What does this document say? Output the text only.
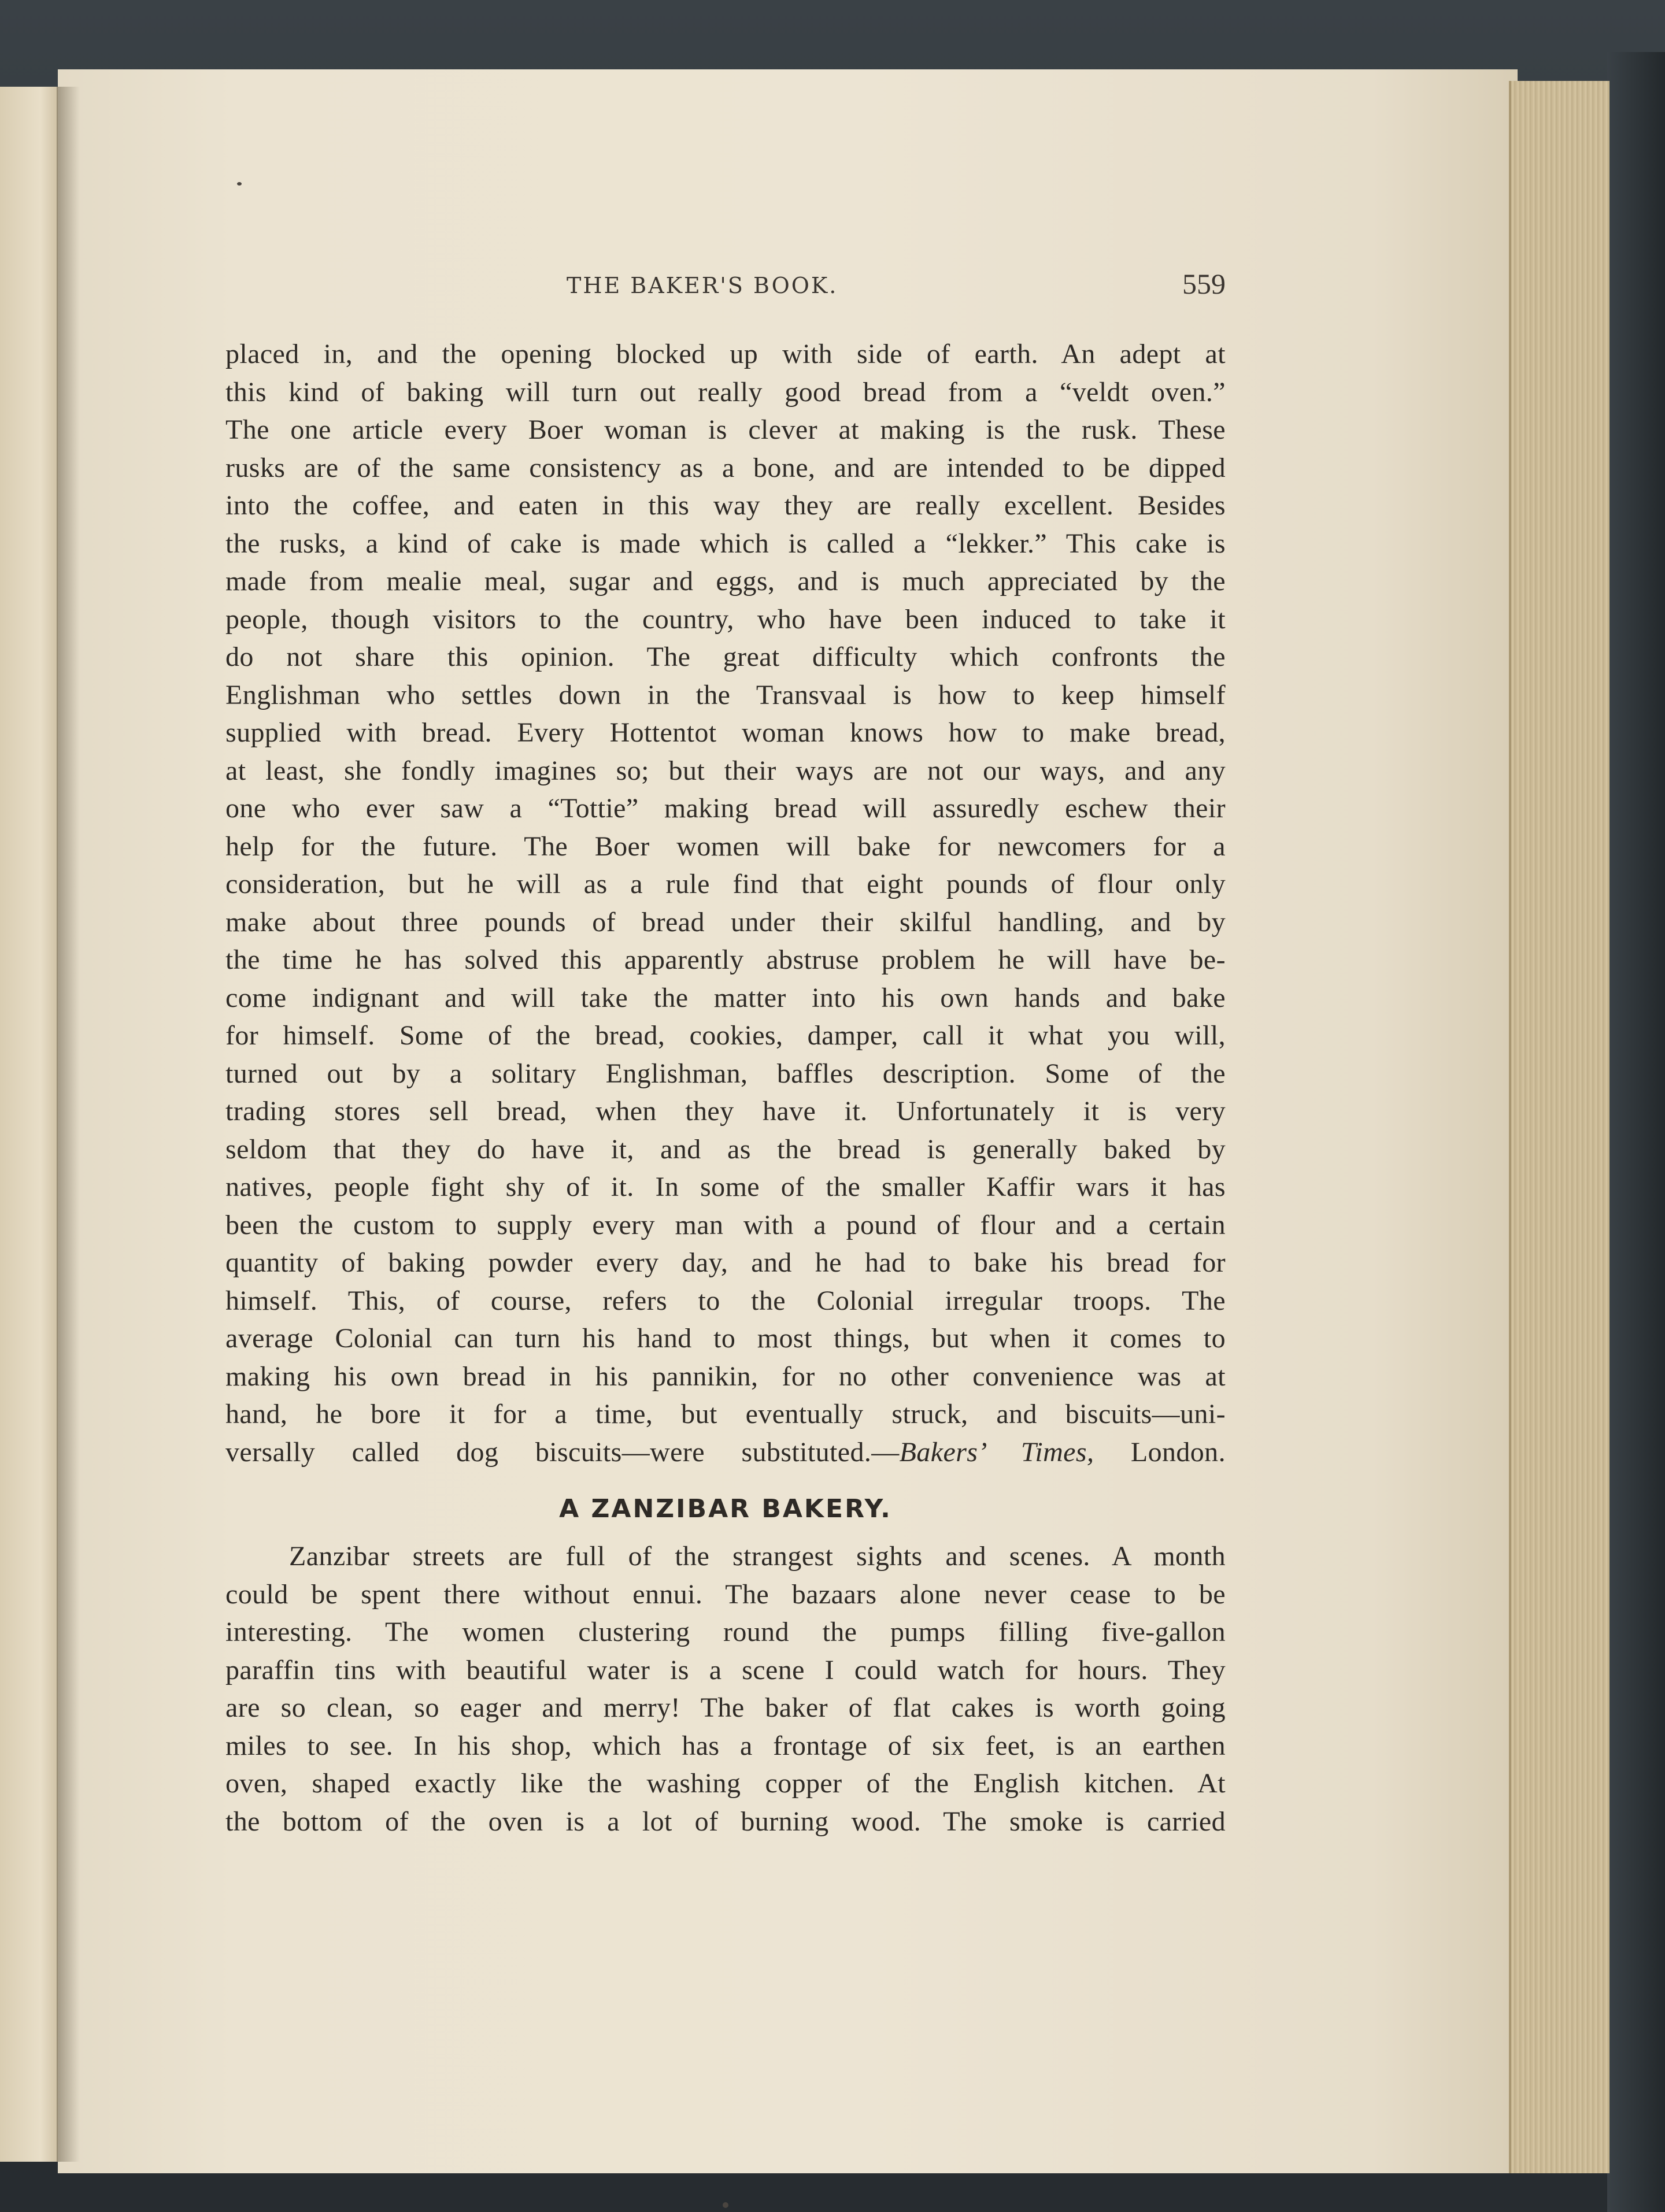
THE BAKER'S BOOK.	559
placed in, and the opening blocked up with side of earth. An adept at
this kind of baking will turn out really good bread from a “veldt oven.”
The one article every Boer woman is clever at making is the rusk. These
rusks are of the same consistency as a bone, and are intended to be dipped
into the coffee, and eaten in this way they are really excellent. Besides
the rusks, a kind of cake is made which is called a “lekker.” This cake is
made from mealie meal, sugar and eggs, and is much appreciated by the
people, though visitors to the country, who have been induced to take it
do not share this opinion. The great difficulty which confronts the
Englishman who settles down in the Transvaal is how to keep himself
supplied with bread. Every Hottentot woman knows how to make bread,
at least, she fondly imagines so; but their ways are not our ways, and any
one who ever saw a “Tottie” making bread will assuredly eschew their
help for the future. The Boer women will bake for newcomers for a
consideration, but he will as a rule find that eight pounds of flour only
make about three pounds of bread under their skilful handling, and by
the time he has solved this apparently abstruse problem he will have be-
come indignant and will take the matter into his own hands and bake
for himself. Some of the bread, cookies, damper, call it what you will,
turned out by a solitary Englishman, baffles description. Some of the
trading stores sell bread, when they have it. Unfortunately it is very
seldom that they do have it, and as the bread is generally baked by
natives, people fight shy of it. In some of the smaller Kaffir wars it has
been the custom to supply every man with a pound of flour and a certain
quantity of baking powder every day, and he had to bake his bread for
himself. This, of course, refers to the Colonial irregular troops. The
average Colonial can turn his hand to most things, but when it comes to
making his own bread in his pannikin, for no other convenience was at
hand, he bore it for a time, but eventually struck, and biscuits—uni-
versally called dog biscuits—were substituted.—Bakers’ Times, London.
A ZANZIBAR BAKERY.
Zanzibar streets are full of the strangest sights and scenes. A month
could be spent there without ennui. The bazaars alone never cease to be
interesting. The women clustering round the pumps filling five-gallon
paraffin tins with beautiful water is a scene I could watch for hours. They
are so clean, so eager and merry! The baker of flat cakes is worth going
miles to see. In his shop, which has a frontage of six feet, is an earthen
oven, shaped exactly like the washing copper of the English kitchen. At
the bottom of the oven is a lot of burning wood. The smoke is carried
